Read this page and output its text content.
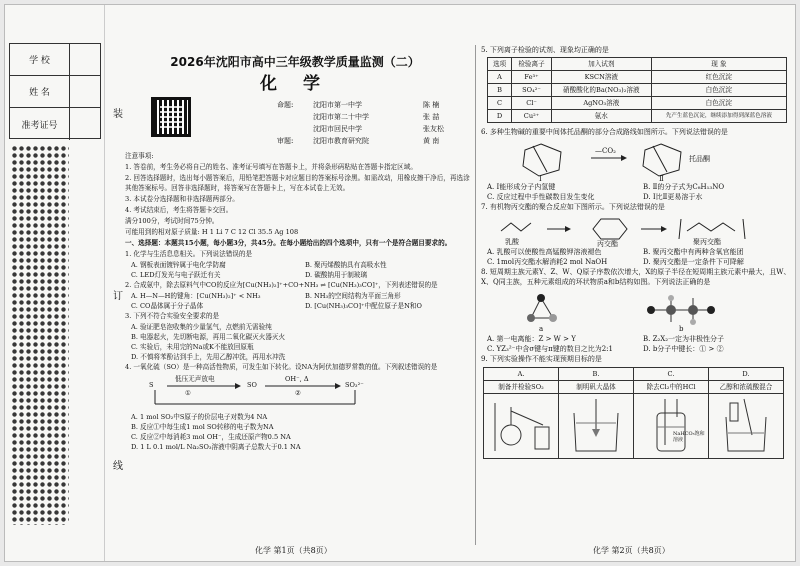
学 校
姓 名
准考证号
装
订
线
2026年沈阳市高中三年级教学质量监测（二）
化 学
命题:	沈阳市第一中学	陈 楠
沈阳市第二十中学	张 喆
沈阳市回民中学	张友松
审题:	沈阳市教育研究院	黄 南

注意事项:

1. 答卷前，考生务必将自己的姓名、准考证号填写在答题卡上，并将条形码粘贴在答题卡指定区域。

2. 回答选择题时，选出每小题答案后，用铅笔把答题卡对应题目的答案标号涂黑。如需改动，用橡皮擦干净后，再选涂其他答案标号。回答非选择题时，将答案写在答题卡上，写在本试卷上无效。

3. 本试卷分选择题和非选择题两部分。

4. 考试结束后，考生将答题卡交回。

满分100分，考试时间75分钟。

可能用到的相对原子质量: H 1 Li 7 C 12 Cl 35.5 Ag 108

一、选择题：本题共15小题，每小题3分，共45分。在每小题给出的四个选项中，只有一个是符合题目要求的。

1. 化学与生活息息相关。下列说法错误的是

A. 钢板表面镀锌属于电化学防腐	B. 聚丙烯酸钠具有高吸水性
C. LED灯发光与电子跃迁有关	D. 碳酸钠用于制玻璃

2. 合成氨中，除去原料气中CO的反应为[Cu(NH₃)₂]⁺+CO+NH₃ ⇌ [Cu(NH₃)₃CO]⁺，下列表述错误的是

A. H—N—H的键角：[Cu(NH₃)₂]⁺ < NH₃	B. NH₃的空间结构为平面三角形
C. CO晶体属于分子晶体	D. [Cu(NH₃)₃CO]⁺中配位原子是N和O

3. 下列不符合实验安全要求的是

A. 验证肥皂泡收集的少量氢气，点燃前无需验纯
B. 电器起火，先切断电源，再用二氧化碳灭火器灭火
C. 实验后，未用完的Na或K不能放回原瓶
D. 不慎将苯酚沾到手上，先用乙醇冲洗，再用水冲洗

4. 一氧化硫（SO）是一种高活性物质，可发生如下转化。设NA为阿伏加德罗常数的值。下列叙述错误的是

S
低压无声放电
①
SO
OH⁻, Δ
②
SO₃²⁻
A. 1 mol SO₂中S原子的价层电子对数为4 NA
B. 反应①中每生成1 mol SO转移的电子数为NA
C. 反应②中每消耗3 mol OH⁻，生成还原产物0.5 NA
D. 1 L 0.1 mol/L Na₂SO₃溶液中阴离子总数大于0.1 NA

5. 下列离子检验的试剂、现象均正确的是

选项	检验离子	加入试剂	现 象
A	Fe³⁺	KSCN溶液	红色沉淀
B	SO₄²⁻	硝酸酸化的Ba(NO₃)₂溶液	白色沉淀
C	Cl⁻	AgNO₃溶液	白色沉淀
D	Cu²⁺	氨水	先产生蓝色沉淀，继续添加得到深蓝色溶液

6. 多种生物碱的重要中间体托品酮的部分合成路线如图所示。下列说法错误的是

Ⅰ
—CO₂
Ⅱ
托品酮
A. Ⅰ能形成分子内氢键	B. Ⅱ的分子式为C₈H₁₃NO
C. 反应过程中手性碳数目发生变化	D. Ⅰ比Ⅱ更易溶于水

7. 有机物丙交酯的聚合反应如下图所示。下列说法错误的是

乳酸	丙交酯	聚丙交酯
A. 乳酸可以使酸性高锰酸钾溶液褪色	B. 聚丙交酯中有两种含氧官能团
C. 1mol丙交酯水解消耗2 mol NaOH	D. 聚丙交酯是一定条件下可降解

8. 短周期主族元素Y、Z、W、Q原子序数依次增大，X的原子半径在短周期主族元素中最大，且W、X、Q同主族，五种元素组成的环状物质a和b结构如图。下列说法正确的是

a	b
A. 第一电离能：Z > W > Y	B. Z₂X₂一定为非极性分子
C. YZ₃²⁻中含σ键与π键的数目之比为2:1	D. b分子中键长：① > ②

9. 下列实验操作不能实现预期目标的是

A.	B.	C.	D.
制备并检验SO₂	制明矾大晶体	除去Cl₂中的HCl	乙醇和浓硫酸混合

NaHCO₃饱和溶液

化学 第1页（共8页）	化学 第2页（共8页）
